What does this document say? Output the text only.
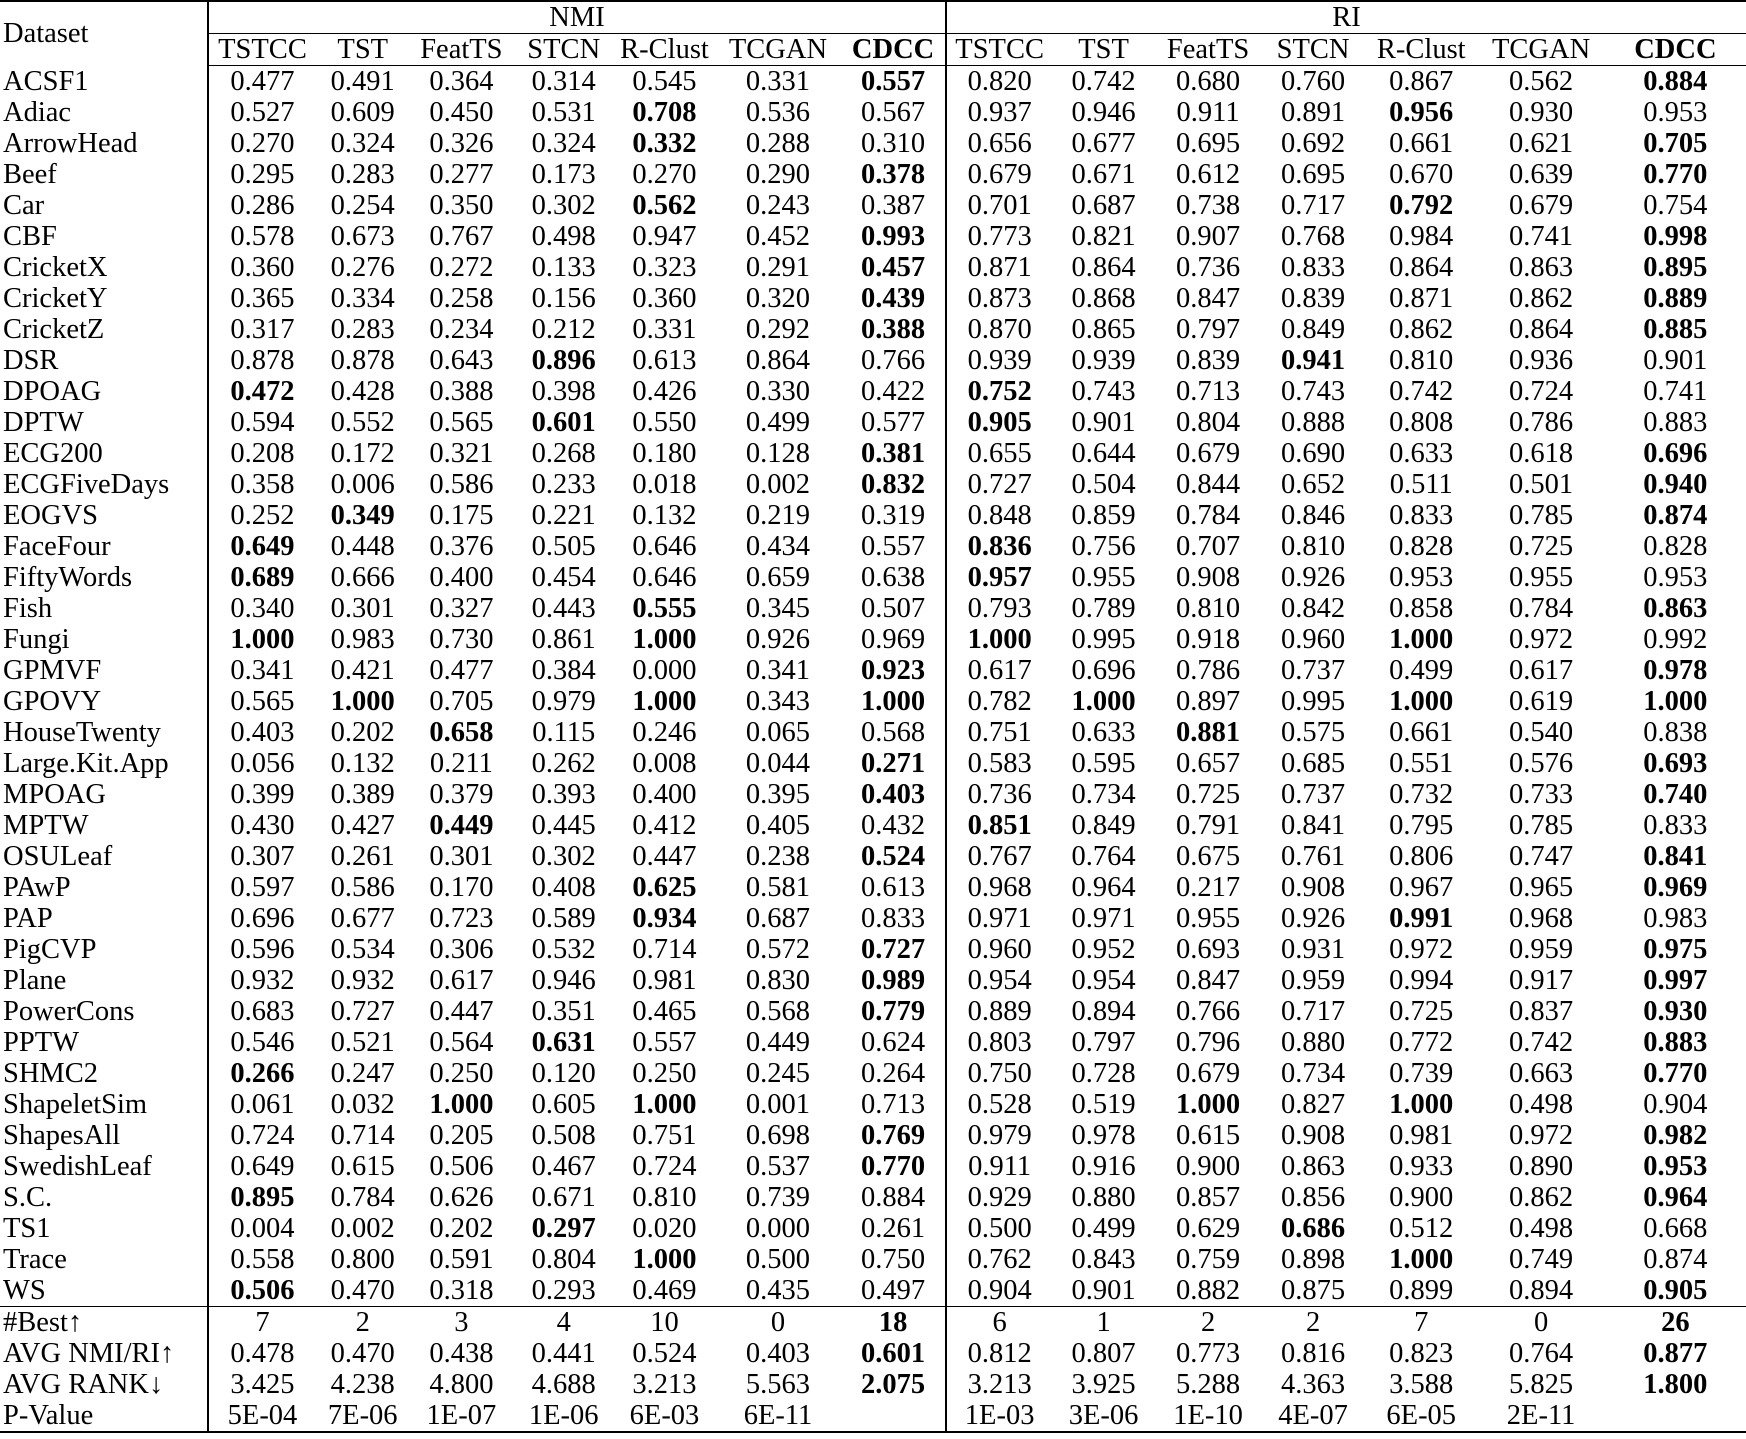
Dataset	NMI							RI						
	TSTCC	TST	FeatTS	STCN	R-Clust	TCGAN	CDCC	TSTCC	TST	FeatTS	STCN	R-Clust	TCGAN	CDCC
ACSF1	0.477	0.491	0.364	0.314	0.545	0.331	0.557	0.820	0.742	0.680	0.760	0.867	0.562	0.884
Adiac	0.527	0.609	0.450	0.531	0.708	0.536	0.567	0.937	0.946	0.911	0.891	0.956	0.930	0.953
ArrowHead	0.270	0.324	0.326	0.324	0.332	0.288	0.310	0.656	0.677	0.695	0.692	0.661	0.621	0.705
Beef	0.295	0.283	0.277	0.173	0.270	0.290	0.378	0.679	0.671	0.612	0.695	0.670	0.639	0.770
Car	0.286	0.254	0.350	0.302	0.562	0.243	0.387	0.701	0.687	0.738	0.717	0.792	0.679	0.754
CBF	0.578	0.673	0.767	0.498	0.947	0.452	0.993	0.773	0.821	0.907	0.768	0.984	0.741	0.998
CricketX	0.360	0.276	0.272	0.133	0.323	0.291	0.457	0.871	0.864	0.736	0.833	0.864	0.863	0.895
CricketY	0.365	0.334	0.258	0.156	0.360	0.320	0.439	0.873	0.868	0.847	0.839	0.871	0.862	0.889
CricketZ	0.317	0.283	0.234	0.212	0.331	0.292	0.388	0.870	0.865	0.797	0.849	0.862	0.864	0.885
DSR	0.878	0.878	0.643	0.896	0.613	0.864	0.766	0.939	0.939	0.839	0.941	0.810	0.936	0.901
DPOAG	0.472	0.428	0.388	0.398	0.426	0.330	0.422	0.752	0.743	0.713	0.743	0.742	0.724	0.741
DPTW	0.594	0.552	0.565	0.601	0.550	0.499	0.577	0.905	0.901	0.804	0.888	0.808	0.786	0.883
ECG200	0.208	0.172	0.321	0.268	0.180	0.128	0.381	0.655	0.644	0.679	0.690	0.633	0.618	0.696
ECGFiveDays	0.358	0.006	0.586	0.233	0.018	0.002	0.832	0.727	0.504	0.844	0.652	0.511	0.501	0.940
EOGVS	0.252	0.349	0.175	0.221	0.132	0.219	0.319	0.848	0.859	0.784	0.846	0.833	0.785	0.874
FaceFour	0.649	0.448	0.376	0.505	0.646	0.434	0.557	0.836	0.756	0.707	0.810	0.828	0.725	0.828
FiftyWords	0.689	0.666	0.400	0.454	0.646	0.659	0.638	0.957	0.955	0.908	0.926	0.953	0.955	0.953
Fish	0.340	0.301	0.327	0.443	0.555	0.345	0.507	0.793	0.789	0.810	0.842	0.858	0.784	0.863
Fungi	1.000	0.983	0.730	0.861	1.000	0.926	0.969	1.000	0.995	0.918	0.960	1.000	0.972	0.992
GPMVF	0.341	0.421	0.477	0.384	0.000	0.341	0.923	0.617	0.696	0.786	0.737	0.499	0.617	0.978
GPOVY	0.565	1.000	0.705	0.979	1.000	0.343	1.000	0.782	1.000	0.897	0.995	1.000	0.619	1.000
HouseTwenty	0.403	0.202	0.658	0.115	0.246	0.065	0.568	0.751	0.633	0.881	0.575	0.661	0.540	0.838
Large.Kit.App	0.056	0.132	0.211	0.262	0.008	0.044	0.271	0.583	0.595	0.657	0.685	0.551	0.576	0.693
MPOAG	0.399	0.389	0.379	0.393	0.400	0.395	0.403	0.736	0.734	0.725	0.737	0.732	0.733	0.740
MPTW	0.430	0.427	0.449	0.445	0.412	0.405	0.432	0.851	0.849	0.791	0.841	0.795	0.785	0.833
OSULeaf	0.307	0.261	0.301	0.302	0.447	0.238	0.524	0.767	0.764	0.675	0.761	0.806	0.747	0.841
PAwP	0.597	0.586	0.170	0.408	0.625	0.581	0.613	0.968	0.964	0.217	0.908	0.967	0.965	0.969
PAP	0.696	0.677	0.723	0.589	0.934	0.687	0.833	0.971	0.971	0.955	0.926	0.991	0.968	0.983
PigCVP	0.596	0.534	0.306	0.532	0.714	0.572	0.727	0.960	0.952	0.693	0.931	0.972	0.959	0.975
Plane	0.932	0.932	0.617	0.946	0.981	0.830	0.989	0.954	0.954	0.847	0.959	0.994	0.917	0.997
PowerCons	0.683	0.727	0.447	0.351	0.465	0.568	0.779	0.889	0.894	0.766	0.717	0.725	0.837	0.930
PPTW	0.546	0.521	0.564	0.631	0.557	0.449	0.624	0.803	0.797	0.796	0.880	0.772	0.742	0.883
SHMC2	0.266	0.247	0.250	0.120	0.250	0.245	0.264	0.750	0.728	0.679	0.734	0.739	0.663	0.770
ShapeletSim	0.061	0.032	1.000	0.605	1.000	0.001	0.713	0.528	0.519	1.000	0.827	1.000	0.498	0.904
ShapesAll	0.724	0.714	0.205	0.508	0.751	0.698	0.769	0.979	0.978	0.615	0.908	0.981	0.972	0.982
SwedishLeaf	0.649	0.615	0.506	0.467	0.724	0.537	0.770	0.911	0.916	0.900	0.863	0.933	0.890	0.953
S.C.	0.895	0.784	0.626	0.671	0.810	0.739	0.884	0.929	0.880	0.857	0.856	0.900	0.862	0.964
TS1	0.004	0.002	0.202	0.297	0.020	0.000	0.261	0.500	0.499	0.629	0.686	0.512	0.498	0.668
Trace	0.558	0.800	0.591	0.804	1.000	0.500	0.750	0.762	0.843	0.759	0.898	1.000	0.749	0.874
WS	0.506	0.470	0.318	0.293	0.469	0.435	0.497	0.904	0.901	0.882	0.875	0.899	0.894	0.905
#Best↑	7	2	3	4	10	0	18	6	1	2	2	7	0	26
AVG NMI/RI↑	0.478	0.470	0.438	0.441	0.524	0.403	0.601	0.812	0.807	0.773	0.816	0.823	0.764	0.877
AVG RANK↓	3.425	4.238	4.800	4.688	3.213	5.563	2.075	3.213	3.925	5.288	4.363	3.588	5.825	1.800
P-Value	5E-04	7E-06	1E-07	1E-06	6E-03	6E-11		1E-03	3E-06	1E-10	4E-07	6E-05	2E-11	
